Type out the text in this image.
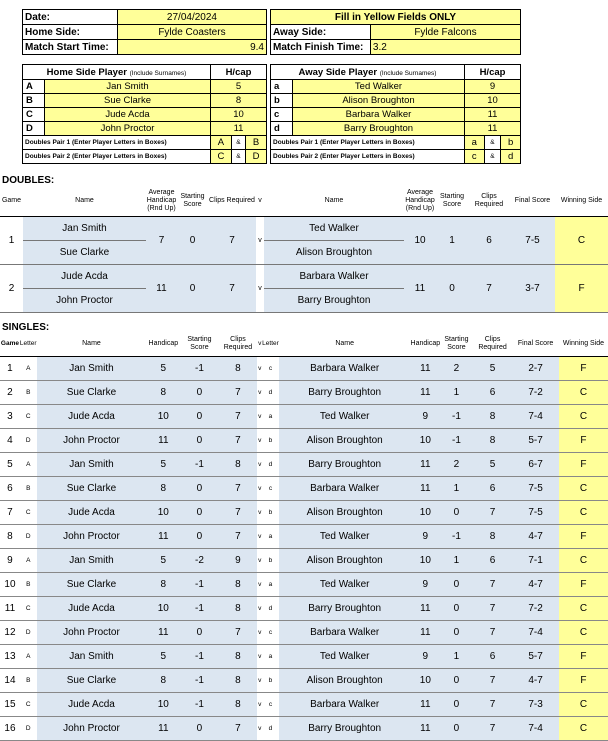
Date:	27/04/2024
Home Side:	Fylde Coasters
Match Start Time:	9.4
Fill in Yellow Fields ONLY	
Away Side:	Fylde Falcons
Match Finish Time:	3.2
Home Side Player (Include Surnames)		H/cap		
A	Jan Smith	5		
B	Sue Clarke	8		
C	Jude Acda	10		
D	John Proctor	11		
Doubles Pair 1 (Enter Player Letters in Boxes)		A	&	B
Doubles Pair 2 (Enter Player Letters in Boxes)		C	&	D
Away Side Player (Include Surnames)		H/cap		
a	Ted Walker	9		
b	Alison Broughton	10		
c	Barbara Walker	11		
d	Barry Broughton	11		
Doubles Pair 1 (Enter Player Letters in Boxes)		a	&	b
Doubles Pair 2 (Enter Player Letters in Boxes)		c	&	d
DOUBLES:
Game	Name	Average Handicap (Rnd Up)	Starting Score	Clips Required	v	Name	Average Handicap (Rnd Up)	Starting Score	Clips Required	Final Score	Winning Side
1	Jan Smith	7	0	7	v	Ted Walker	10	1	6	7-5	C
	Sue Clarke					Alison Broughton					
2	Jude Acda	11	0	7	v	Barbara Walker	11	0	7	3-7	F
	John Proctor					Barry Broughton					
SINGLES:
Game	Letter	Name	Handicap	Starting Score	Clips Required	v	Letter	Name	Handicap	Starting Score	Clips Required	Final Score	Winning Side
1	A	Jan Smith	5	-1	8	v	c	Barbara Walker	11	2	5	2-7	F
2	B	Sue Clarke	8	0	7	v	d	Barry Broughton	11	1	6	7-2	C
3	C	Jude Acda	10	0	7	v	a	Ted Walker	9	-1	8	7-4	C
4	D	John Proctor	11	0	7	v	b	Alison Broughton	10	-1	8	5-7	F
5	A	Jan Smith	5	-1	8	v	d	Barry Broughton	11	2	5	6-7	F
6	B	Sue Clarke	8	0	7	v	c	Barbara Walker	11	1	6	7-5	C
7	C	Jude Acda	10	0	7	v	b	Alison Broughton	10	0	7	7-5	C
8	D	John Proctor	11	0	7	v	a	Ted Walker	9	-1	8	4-7	F
9	A	Jan Smith	5	-2	9	v	b	Alison Broughton	10	1	6	7-1	C
10	B	Sue Clarke	8	-1	8	v	a	Ted Walker	9	0	7	4-7	F
11	C	Jude Acda	10	-1	8	v	d	Barry Broughton	11	0	7	7-2	C
12	D	John Proctor	11	0	7	v	c	Barbara Walker	11	0	7	7-4	C
13	A	Jan Smith	5	-1	8	v	a	Ted Walker	9	1	6	5-7	F
14	B	Sue Clarke	8	-1	8	v	b	Alison Broughton	10	0	7	4-7	F
15	C	Jude Acda	10	-1	8	v	c	Barbara Walker	11	0	7	7-3	C
16	D	John Proctor	11	0	7	v	d	Barry Broughton	11	0	7	7-4	C
